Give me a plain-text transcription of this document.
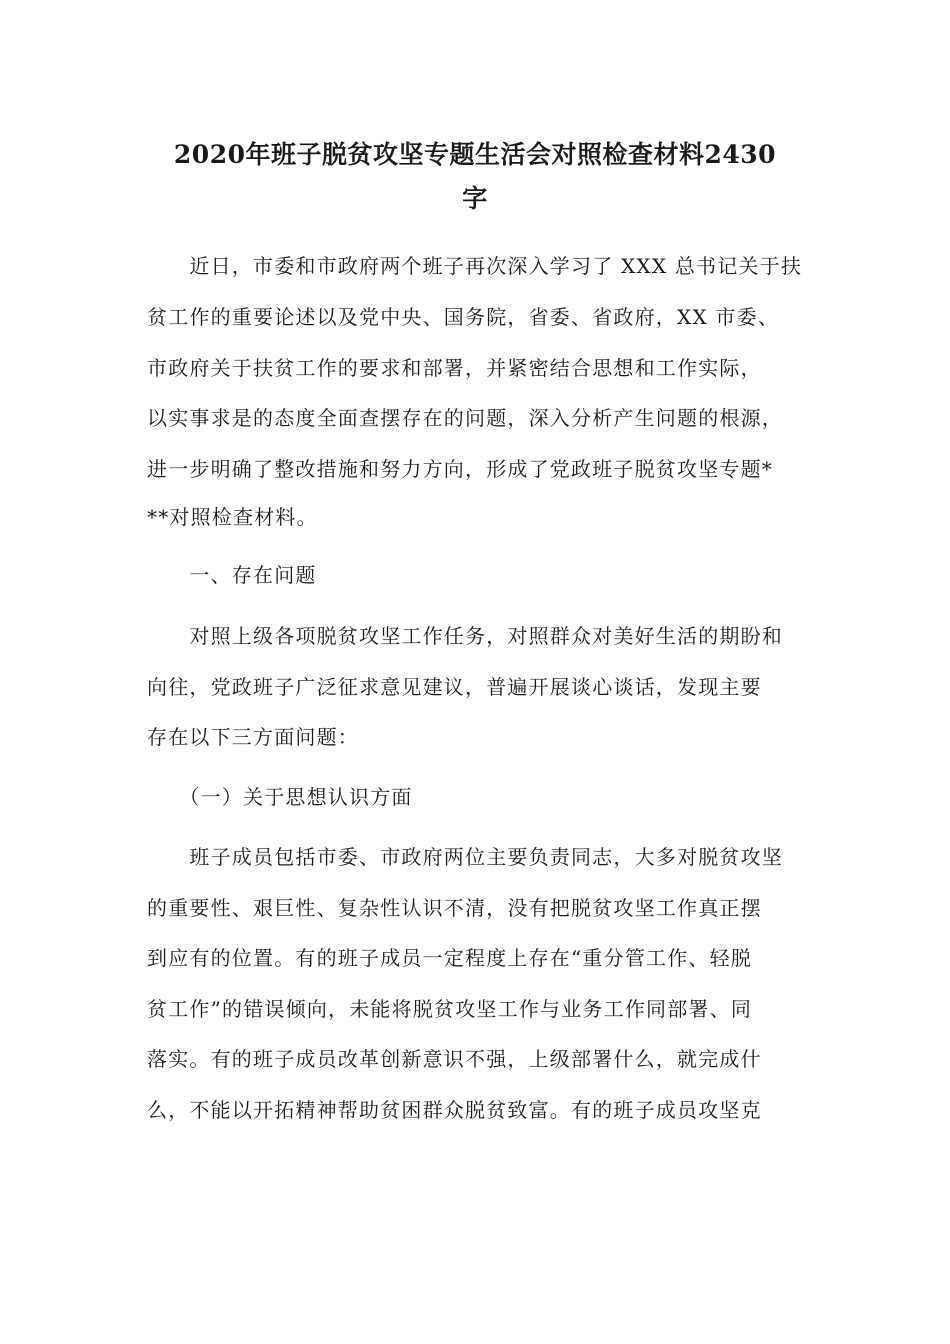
2020年班子脱贫攻坚专题生活会对照检查材料2430
字
　　近日，市委和市政府两个班子再次深入学习了 XXX 总书记关于扶
贫工作的重要论述以及党中央、国务院，省委、省政府，XX 市委、
市政府关于扶贫工作的要求和部署，并紧密结合思想和工作实际，
以实事求是的态度全面查摆存在的问题，深入分析产生问题的根源，
进一步明确了整改措施和努力方向，形成了党政班子脱贫攻坚专题*
**对照检查材料。
　　一、存在问题
　　对照上级各项脱贫攻坚工作任务，对照群众对美好生活的期盼和
向往，党政班子广泛征求意见建议，普遍开展谈心谈话，发现主要
存在以下三方面问题：
　　（一）关于思想认识方面
　　班子成员包括市委、市政府两位主要负责同志，大多对脱贫攻坚
的重要性、艰巨性、复杂性认识不清，没有把脱贫攻坚工作真正摆
到应有的位置。有的班子成员一定程度上存在“重分管工作、轻脱
贫工作”的错误倾向，未能将脱贫攻坚工作与业务工作同部署、同
落实。有的班子成员改革创新意识不强，上级部署什么，就完成什
么，不能以开拓精神帮助贫困群众脱贫致富。有的班子成员攻坚克
